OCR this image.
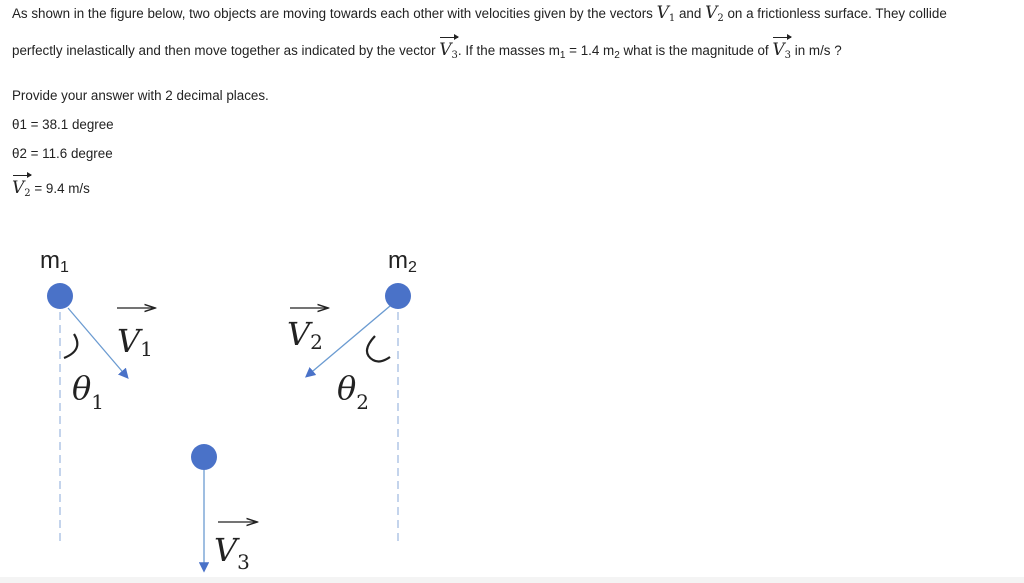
As shown in the figure below, two objects are moving towards each other with velocities given by the vectors $V_1$ and $V_2$ on a frictionless surface. They collide
perfectly inelastically and then move together as indicated by the vector $V_3$. If the masses $m_1 = 1.4$ $m_2$ what is the magnitude of $V_3$ in m/s ?
Provide your answer with 2 decimal places.
θ1 = 38.1 degree
θ2 = 11.6 degree
$V_2 = 9.4$ m/s
m1
V1
$\theta_1$
m2
V2
$\theta_2$
$V_3$
